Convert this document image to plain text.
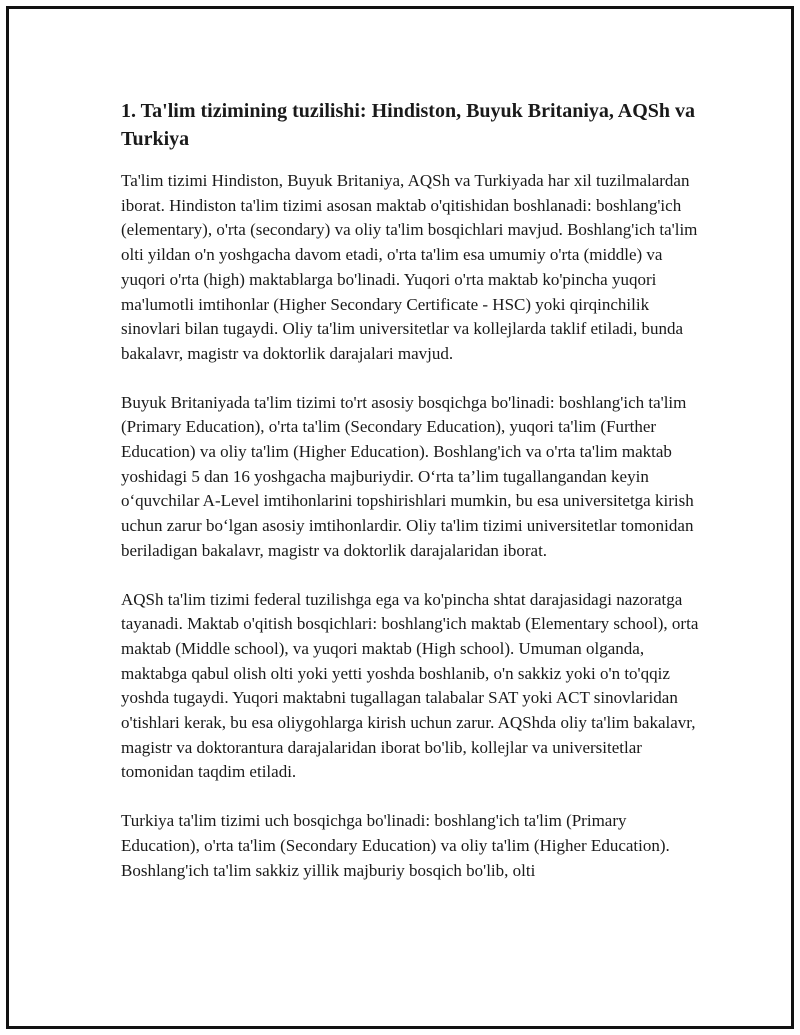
1. Ta'lim tizimining tuzilishi: Hindiston, Buyuk Britaniya, AQSh va Turkiya

Ta'lim tizimi Hindiston, Buyuk Britaniya, AQSh va Turkiyada har xil tuzilmalardan iborat. Hindiston ta'lim tizimi asosan maktab o'qitishidan boshlanadi: boshlang'ich (elementary), o'rta (secondary) va oliy ta'lim bosqichlari mavjud. Boshlang'ich ta'lim olti yildan o'n yoshgacha davom etadi, o'rta ta'lim esa umumiy o'rta (middle) va yuqori o'rta (high) maktablarga bo'linadi. Yuqori o'rta maktab ko'pincha yuqori ma'lumotli imtihonlar (Higher Secondary Certificate - HSC) yoki qirqinchilik sinovlari bilan tugaydi. Oliy ta'lim universitetlar va kollejlarda taklif etiladi, bunda bakalavr, magistr va doktorlik darajalari mavjud.

Buyuk Britaniyada ta'lim tizimi to'rt asosiy bosqichga bo'linadi: boshlang'ich ta'lim (Primary Education), o'rta ta'lim (Secondary Education), yuqori ta'lim (Further Education) va oliy ta'lim (Higher Education). Boshlang'ich va o'rta ta'lim maktab yoshidagi 5 dan 16 yoshgacha majburiydir. O‘rta ta’lim tugallangandan keyin o‘quvchilar A-Level imtihonlarini topshirishlari mumkin, bu esa universitetga kirish uchun zarur bo‘lgan asosiy imtihonlardir. Oliy ta'lim tizimi universitetlar tomonidan beriladigan bakalavr, magistr va doktorlik darajalaridan iborat.

AQSh ta'lim tizimi federal tuzilishga ega va ko'pincha shtat darajasidagi nazoratga tayanadi. Maktab o'qitish bosqichlari: boshlang'ich maktab (Elementary school), orta maktab (Middle school), va yuqori maktab (High school). Umuman olganda, maktabga qabul olish olti yoki yetti yoshda boshlanib, o'n sakkiz yoki o'n to'qqiz yoshda tugaydi. Yuqori maktabni tugallagan talabalar SAT yoki ACT sinovlaridan o'tishlari kerak, bu esa oliygohlarga kirish uchun zarur. AQShda oliy ta'lim bakalavr, magistr va doktorantura darajalaridan iborat bo'lib, kollejlar va universitetlar tomonidan taqdim etiladi.

Turkiya ta'lim tizimi uch bosqichga bo'linadi: boshlang'ich ta'lim (Primary Education), o'rta ta'lim (Secondary Education) va oliy ta'lim (Higher Education). Boshlang'ich ta'lim sakkiz yillik majburiy bosqich bo'lib, olti
